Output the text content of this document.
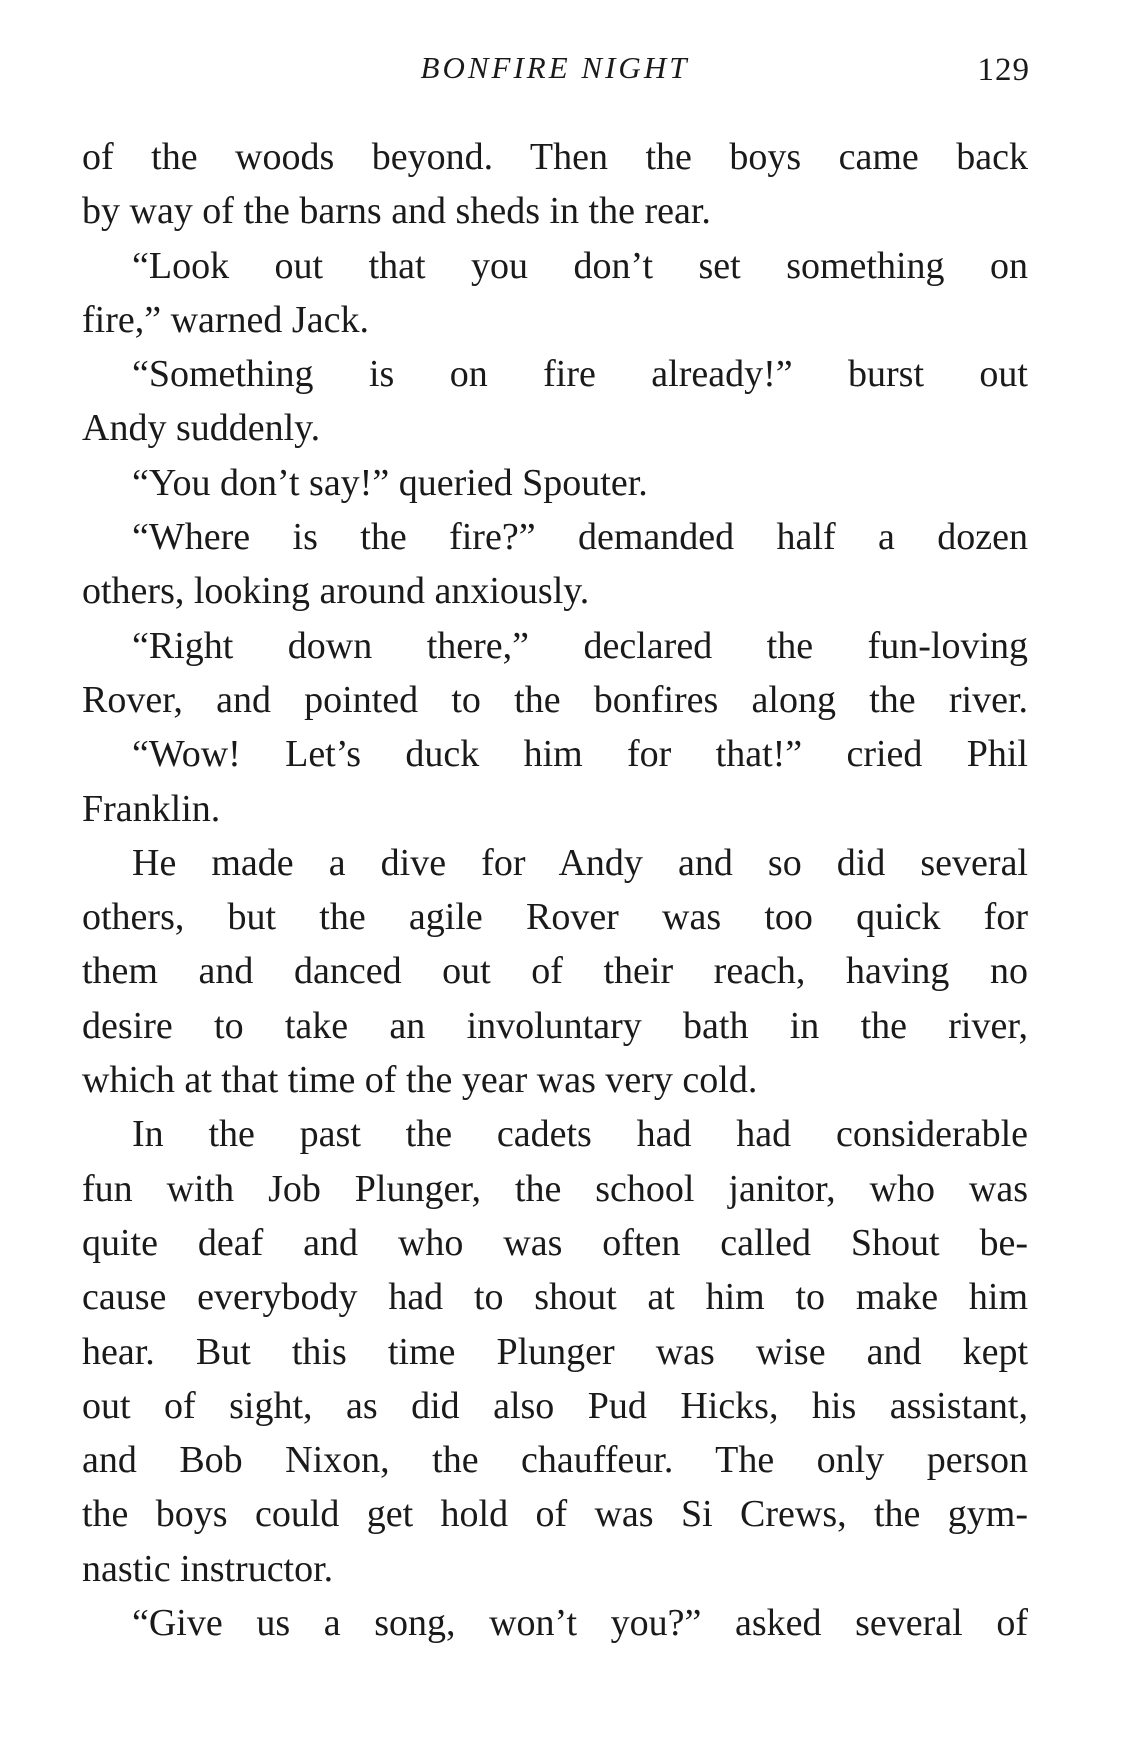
BONFIRE NIGHT	129
of the woods beyond. Then the boys came back
by way of the barns and sheds in the rear.
“Look out that you don’t set something on
fire,” warned Jack.
“Something is on fire already!” burst out
Andy suddenly.
“You don’t say!” queried Spouter.
“Where is the fire?” demanded half a dozen
others, looking around anxiously.
“Right down there,” declared the fun-loving
Rover, and pointed to the bonfires along the river.
“Wow! Let’s duck him for that!” cried Phil
Franklin.
He made a dive for Andy and so did several
others, but the agile Rover was too quick for
them and danced out of their reach, having no
desire to take an involuntary bath in the river,
which at that time of the year was very cold.
In the past the cadets had had considerable
fun with Job Plunger, the school janitor, who was
quite deaf and who was often called Shout be-
cause everybody had to shout at him to make him
hear. But this time Plunger was wise and kept
out of sight, as did also Pud Hicks, his assistant,
and Bob Nixon, the chauffeur. The only person
the boys could get hold of was Si Crews, the gym-
nastic instructor.
“Give us a song, won’t you?” asked several of
